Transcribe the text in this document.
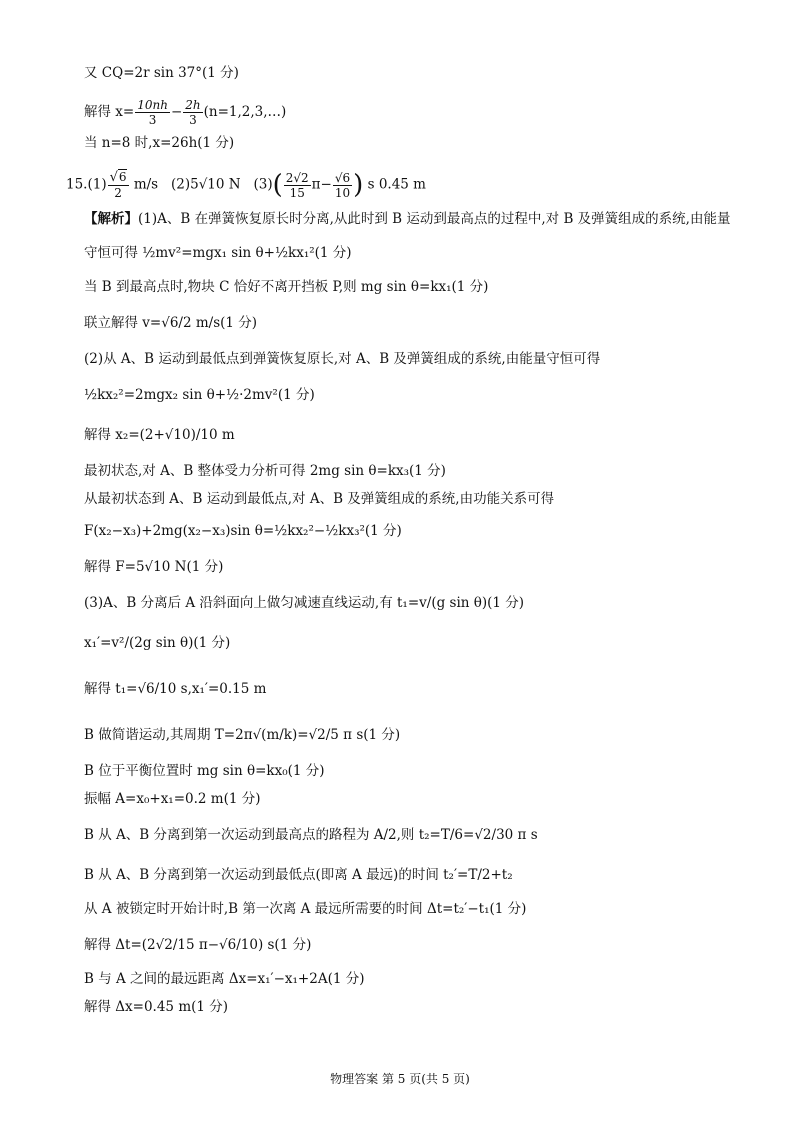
又 CQ=2r sin 37°(1 分)
解得 $x= \frac{10nh}{3} - \frac{2h}{3}$ (n=1,2,3,…)
当 n=8 时,x=26h(1 分)
$15.(1) \frac{√6}{2} m/s$ (2)5√10 N $(3)( \frac{2√2}{15} \pi- \frac{√6}{10}$ ) s 0.45 m
【解析】(1)A、B 在弹簧恢复原长时分离,从此时到 B 运动到最高点的过程中,对 B 及弹簧组成的系统,由能量
守恒可得 ½mv²=mgx₁ sin θ+½kx₁²(1 分)
当 B 到最高点时,物块 C 恰好不离开挡板 P,则 mg sin θ=kx₁(1 分)
联立解得 v=√6/2 m/s(1 分)
(2)从 A、B 运动到最低点到弹簧恢复原长,对 A、B 及弹簧组成的系统,由能量守恒可得
½kx₂²=2mgx₂ sin θ+½·2mv²(1 分)
解得 x₂=(2+√10)/10 m
最初状态,对 A、B 整体受力分析可得 2mg sin θ=kx₃(1 分)
从最初状态到 A、B 运动到最低点,对 A、B 及弹簧组成的系统,由功能关系可得
F(x₂−x₃)+2mg(x₂−x₃)sin θ=½kx₂²−½kx₃²(1 分)
解得 F=5√10 N(1 分)
(3)A、B 分离后 A 沿斜面向上做匀减速直线运动,有 t₁=v/(g sin θ)(1 分)
x₁′=v²/(2g sin θ)(1 分)
解得 t₁=√6/10 s,x₁′=0.15 m
B 做简谐运动,其周期 T=2π√(m/k)=√2/5 π s(1 分)
B 位于平衡位置时 mg sin θ=kx₀(1 分)
振幅 A=x₀+x₁=0.2 m(1 分)
B 从 A、B 分离到第一次运动到最高点的路程为 A/2,则 t₂=T/6=√2/30 π s
B 从 A、B 分离到第一次运动到最低点(即离 A 最远)的时间 t₂′=T/2+t₂
从 A 被锁定时开始计时,B 第一次离 A 最远所需要的时间 Δt=t₂′−t₁(1 分)
解得 Δt=(2√2/15 π−√6/10) s(1 分)
B 与 A 之间的最远距离 Δx=x₁′−x₁+2A(1 分)
解得 Δx=0.45 m(1 分)
物理答案 第 5 页(共 5 页)
